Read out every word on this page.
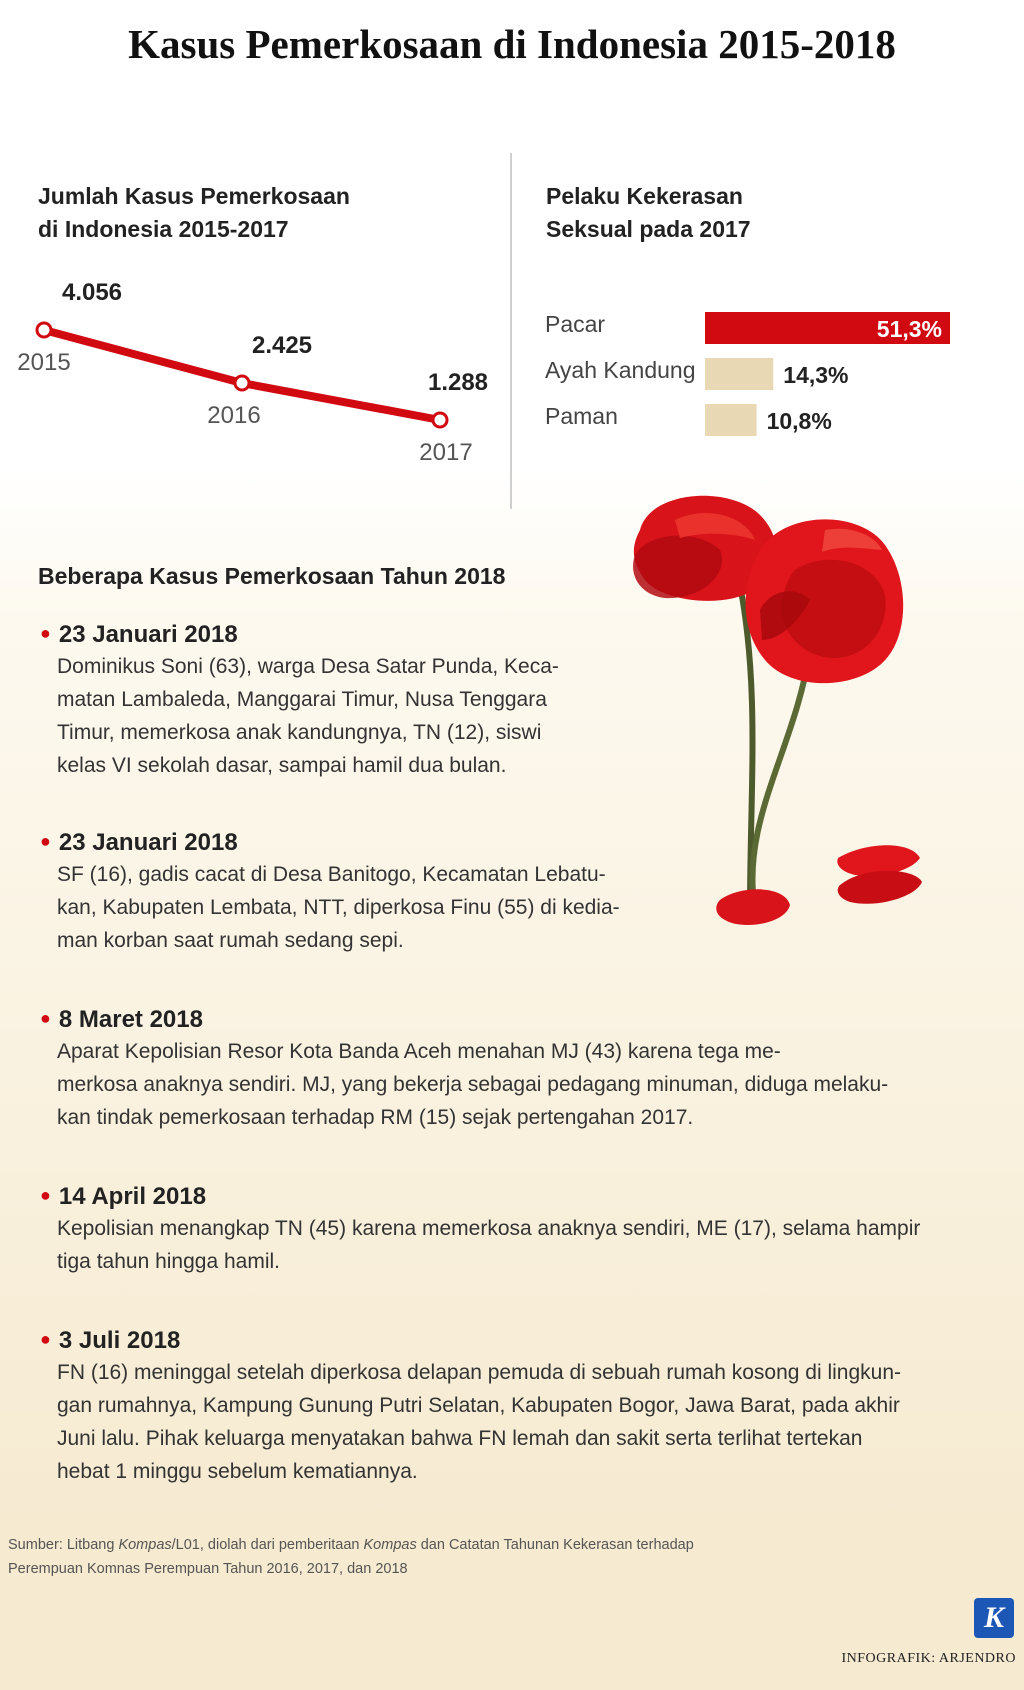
Kasus Pemerkosaan di Indonesia 2015-2018
Jumlah Kasus Pemerkosaan
di Indonesia 2015-2017
4.056
2015
2.425
2016
1.288
2017
Pelaku Kekerasan
Seksual pada 2017
Pacar	51,3%
Ayah Kandung	14,3%
Paman	10,8%
Beberapa Kasus Pemerkosaan Tahun 2018
● 23 Januari 2018
Dominikus Soni (63), warga Desa Satar Punda, Keca-
matan Lambaleda, Manggarai Timur, Nusa Tenggara
Timur, memerkosa anak kandungnya, TN (12), siswi
kelas VI sekolah dasar, sampai hamil dua bulan.
● 23 Januari 2018
SF (16), gadis cacat di Desa Banitogo, Kecamatan Lebatu-
kan, Kabupaten Lembata, NTT, diperkosa Finu (55) di kedia-
man korban saat rumah sedang sepi.
● 8 Maret 2018
Aparat Kepolisian Resor Kota Banda Aceh menahan MJ (43) karena tega me-
merkosa anaknya sendiri. MJ, yang bekerja sebagai pedagang minuman, diduga melaku-
kan tindak pemerkosaan terhadap RM (15) sejak pertengahan 2017.
● 14 April 2018
Kepolisian menangkap TN (45) karena memerkosa anaknya sendiri, ME (17), selama hampir
tiga tahun hingga hamil.
● 3 Juli 2018
FN (16) meninggal setelah diperkosa delapan pemuda di sebuah rumah kosong di lingkun-
gan rumahnya, Kampung Gunung Putri Selatan, Kabupaten Bogor, Jawa Barat, pada akhir
Juni lalu. Pihak keluarga menyatakan bahwa FN lemah dan sakit serta terlihat tertekan
hebat 1 minggu sebelum kematiannya.
Sumber: Litbang Kompas/L01, diolah dari pemberitaan Kompas dan Catatan Tahunan Kekerasan terhadap
Perempuan Komnas Perempuan Tahun 2016, 2017, dan 2018
K
INFOGRAFIK: ARJENDRO
